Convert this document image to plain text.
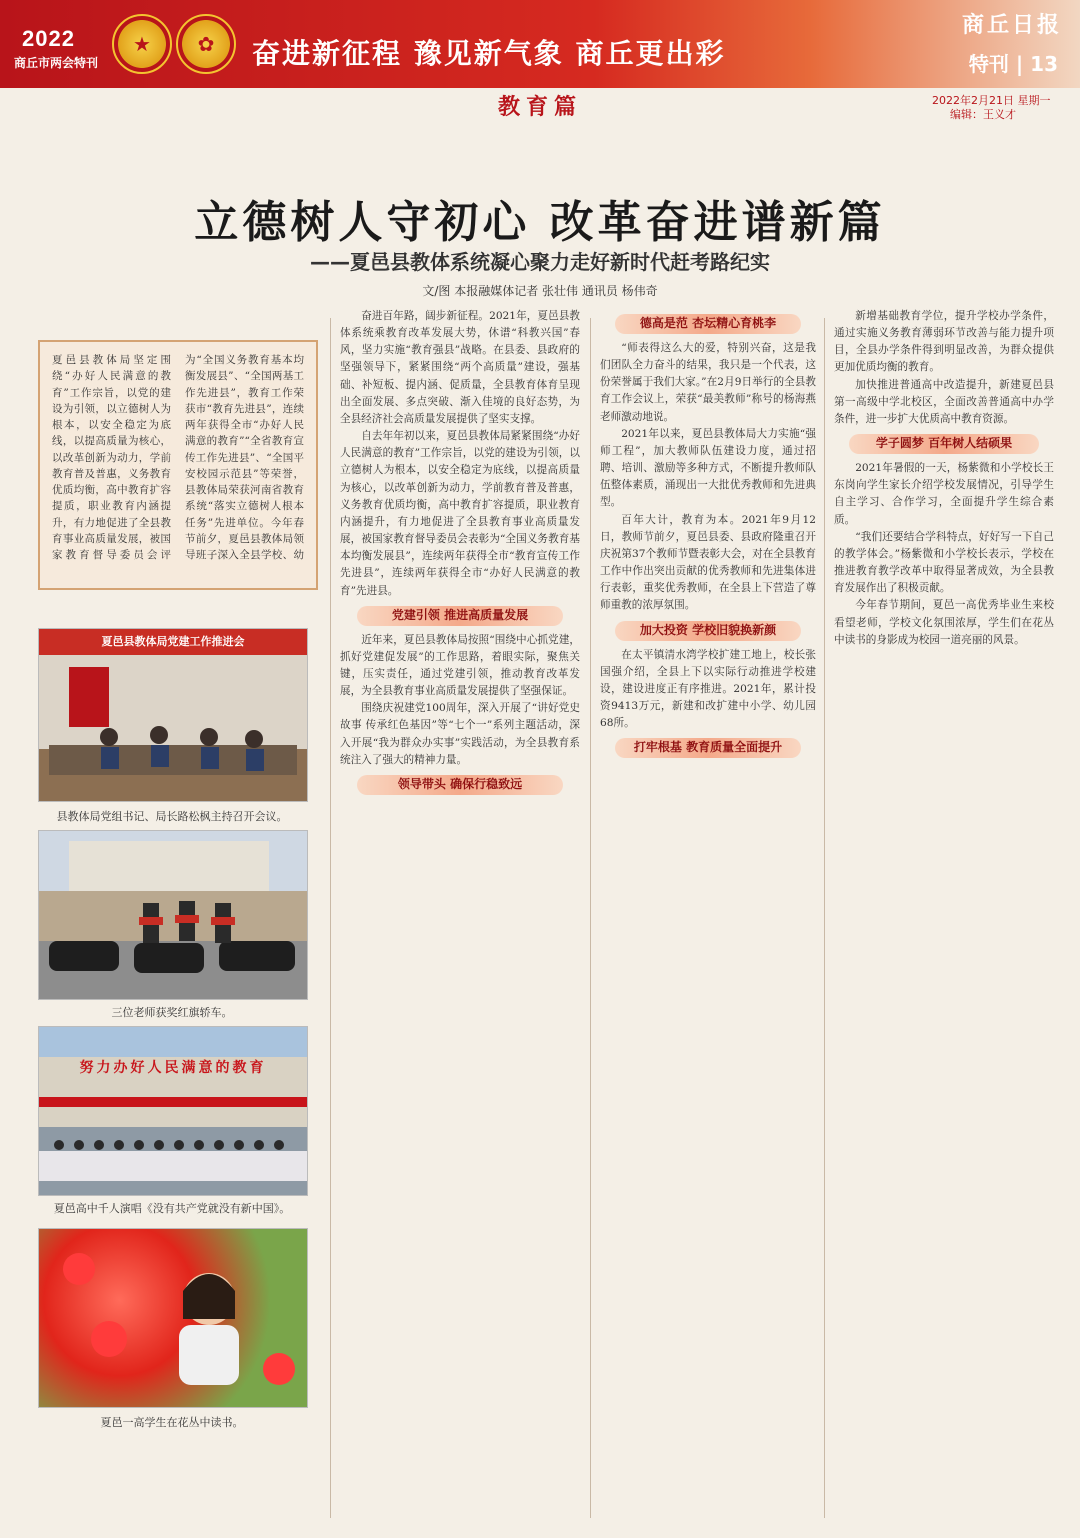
2022
商丘市两会特刊
★	✿	奋进新征程 豫见新气象 商丘更出彩
商丘日报
特刊 | 13
2022年2月21日 星期一
编辑：王义才
教育篇
立德树人守初心 改革奋进谱新篇
——夏邑县教体系统凝心聚力走好新时代赶考路纪实
文/图 本报融媒体记者 张壮伟 通讯员 杨伟奇
夏邑县教体局坚定围绕“办好人民满意的教育”工作宗旨，以党的建设为引领，以立德树人为根本，以安全稳定为底线，以提高质量为核心，以改革创新为动力，学前教育普及普惠，义务教育优质均衡，高中教育扩容提质，职业教育内涵提升，有力地促进了全县教育事业高质量发展，被国家教育督导委员会评为“全国义务教育基本均衡发展县”、“全国两基工作先进县”，教育工作荣获市“教育先进县”，连续两年获得全市“办好人民满意的教育”“全省教育宣传工作先进县”、“全国平安校园示范县”等荣誉，县教体局荣获河南省教育系统“落实立德树人根本任务”先进单位。今年春节前夕，夏邑县教体局领导班子深入全县学校、幼
夏邑县教体局党建工作推进会
县教体局党组书记、局长路松枫主持召开会议。
三位老师获奖红旗轿车。
努力办好人民满意的教育
夏邑高中千人演唱《没有共产党就没有新中国》。
夏邑一高学生在花丛中读书。

奋进百年路，阔步新征程。2021年，夏邑县教体系统乘教育改革发展大势，休谱“科教兴国”春风，坚力实施“教育强县”战略。在县委、县政府的坚强领导下，紧紧围绕“两个高质量”建设，强基础、补短板、提内涵、促质量，全县教育体育呈现出全面发展、多点突破、渐入佳境的良好态势，为全县经济社会高质量发展提供了坚实支撑。

自去年年初以来，夏邑县教体局紧紧围绕“办好人民满意的教育”工作宗旨，以党的建设为引领，以立德树人为根本，以安全稳定为底线，以提高质量为核心，以改革创新为动力，学前教育普及普惠，义务教育优质均衡，高中教育扩容提质，职业教育内涵提升，有力地促进了全县教育事业高质量发展，被国家教育督导委员会表彰为“全国义务教育基本均衡发展县”，连续两年获得全市“教育宣传工作先进县”，连续两年获得全市“办好人民满意的教育”先进县。

党建引领 推进高质量发展

近年来，夏邑县教体局按照“围绕中心抓党建，抓好党建促发展”的工作思路，着眼实际，聚焦关键，压实责任，通过党建引领，推动教育改革发展，为全县教育事业高质量发展提供了坚强保证。

围绕庆祝建党100周年，深入开展了“讲好党史故事 传承红色基因”等“七个一”系列主题活动，深入开展“我为群众办实事”实践活动，为全县教育系统注入了强大的精神力量。

领导带头 确保行稳致远
德高是范 杏坛精心育桃李

“师表得这么大的爱，特别兴奋，这是我们团队全力奋斗的结果，我只是一个代表，这份荣誉属于我们大家。”在2月9日举行的全县教育工作会议上，荣获“最美教师”称号的杨海燕老师激动地说。

2021年以来，夏邑县教体局大力实施“强师工程”，加大教师队伍建设力度，通过招聘、培训、激励等多种方式，不断提升教师队伍整体素质，涌现出一大批优秀教师和先进典型。

百年大计，教育为本。2021年9月12日，教师节前夕，夏邑县委、县政府隆重召开庆祝第37个教师节暨表彰大会，对在全县教育工作中作出突出贡献的优秀教师和先进集体进行表彰，重奖优秀教师，在全县上下营造了尊师重教的浓厚氛围。

加大投资 学校旧貌换新颜

在太平镇清水湾学校扩建工地上，校长张国强介绍，全县上下以实际行动推进学校建设，建设进度正有序推进。2021年，累计投资9413万元，新建和改扩建中小学、幼儿园68所。

打牢根基 教育质量全面提升

新增基础教育学位，提升学校办学条件，通过实施义务教育薄弱环节改善与能力提升项目，全县办学条件得到明显改善，为群众提供更加优质均衡的教育。

加快推进普通高中改造提升，新建夏邑县第一高级中学北校区，全面改善普通高中办学条件，进一步扩大优质高中教育资源。

学子圆梦 百年树人结硕果

2021年暑假的一天，杨紫微和小学校长王东岗向学生家长介绍学校发展情况，引导学生自主学习、合作学习，全面提升学生综合素质。

“我们还要结合学科特点，好好写一下自己的教学体会。”杨紫微和小学校长表示，学校在推进教育教学改革中取得显著成效，为全县教育发展作出了积极贡献。

今年春节期间，夏邑一高优秀毕业生来校看望老师，学校文化氛围浓厚，学生们在花丛中读书的身影成为校园一道亮丽的风景。
